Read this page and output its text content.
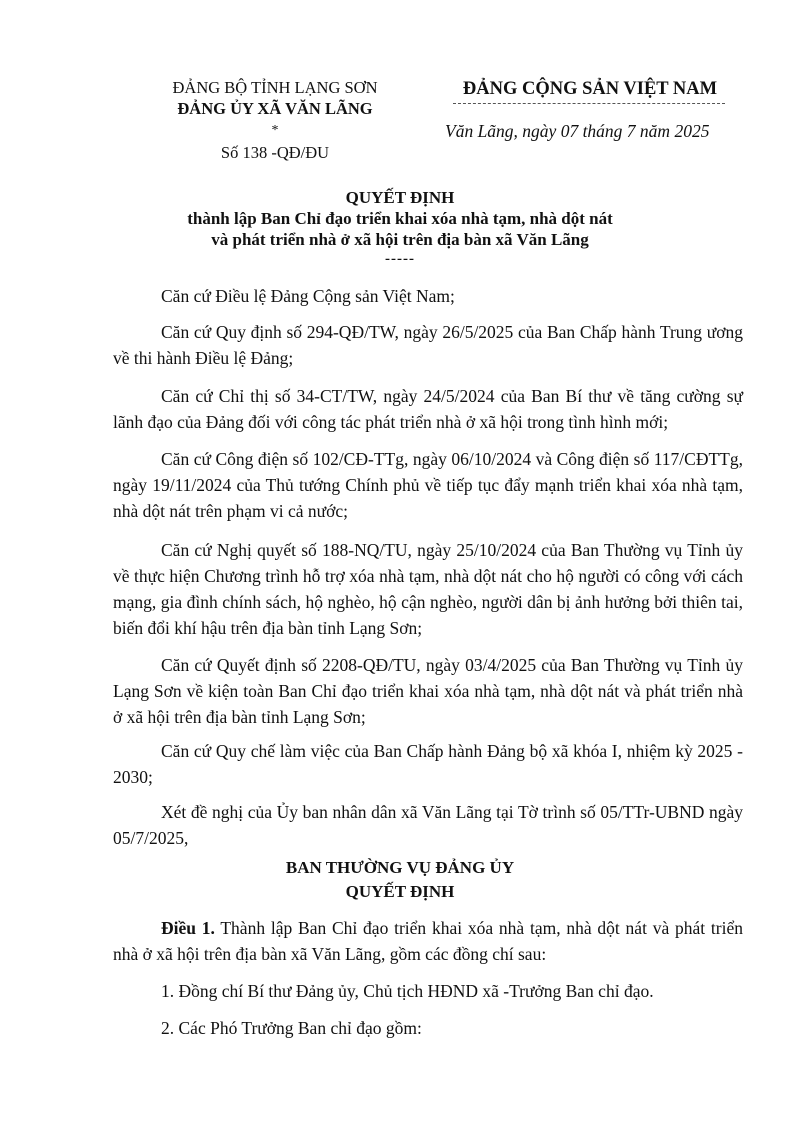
ĐẢNG BỘ TỈNH LẠNG SƠN
ĐẢNG ỦY XÃ VĂN LÃNG
*
Số 138 -QĐ/ĐU
ĐẢNG CỘNG SẢN VIỆT NAM
Văn Lãng, ngày 07 tháng 7 năm 2025
QUYẾT ĐỊNH
thành lập Ban Chỉ đạo triển khai xóa nhà tạm, nhà dột nát
và phát triển nhà ở xã hội trên địa bàn xã Văn Lãng
-----
Căn cứ Điều lệ Đảng Cộng sản Việt Nam;
Căn cứ Quy định số 294-QĐ/TW, ngày 26/5/2025 của Ban Chấp hành Trung ương về thi hành Điều lệ Đảng;
Căn cứ Chỉ thị số 34-CT/TW, ngày 24/5/2024 của Ban Bí thư về tăng cường sự lãnh đạo của Đảng đối với công tác phát triển nhà ở xã hội trong tình hình mới;
Căn cứ Công điện số 102/CĐ-TTg, ngày 06/10/2024 và Công điện số 117/CĐTTg, ngày 19/11/2024 của Thủ tướng Chính phủ về tiếp tục đẩy mạnh triển khai xóa nhà tạm, nhà dột nát trên phạm vi cả nước;
Căn cứ Nghị quyết số 188-NQ/TU, ngày 25/10/2024 của Ban Thường vụ Tỉnh ủy về thực hiện Chương trình hỗ trợ xóa nhà tạm, nhà dột nát cho hộ người có công với cách mạng, gia đình chính sách, hộ nghèo, hộ cận nghèo, người dân bị ảnh hưởng bởi thiên tai, biến đổi khí hậu trên địa bàn tỉnh Lạng Sơn;
Căn cứ Quyết định số 2208-QĐ/TU, ngày 03/4/2025 của Ban Thường vụ Tỉnh ủy Lạng Sơn về kiện toàn Ban Chỉ đạo triển khai xóa nhà tạm, nhà dột nát và phát triển nhà ở xã hội trên địa bàn tỉnh Lạng Sơn;
Căn cứ Quy chế làm việc của Ban Chấp hành Đảng bộ xã khóa I, nhiệm kỳ 2025 - 2030;
Xét đề nghị của Ủy ban nhân dân xã Văn Lãng tại Tờ trình số 05/TTr-UBND ngày 05/7/2025,
BAN THƯỜNG VỤ ĐẢNG ỦY
QUYẾT ĐỊNH
Điều 1. Thành lập Ban Chỉ đạo triển khai xóa nhà tạm, nhà dột nát và phát triển nhà ở xã hội trên địa bàn xã Văn Lãng, gồm các đồng chí sau:
1. Đồng chí Bí thư Đảng ủy, Chủ tịch HĐND xã -Trưởng Ban chỉ đạo.
2. Các Phó Trưởng Ban chỉ đạo gồm:
